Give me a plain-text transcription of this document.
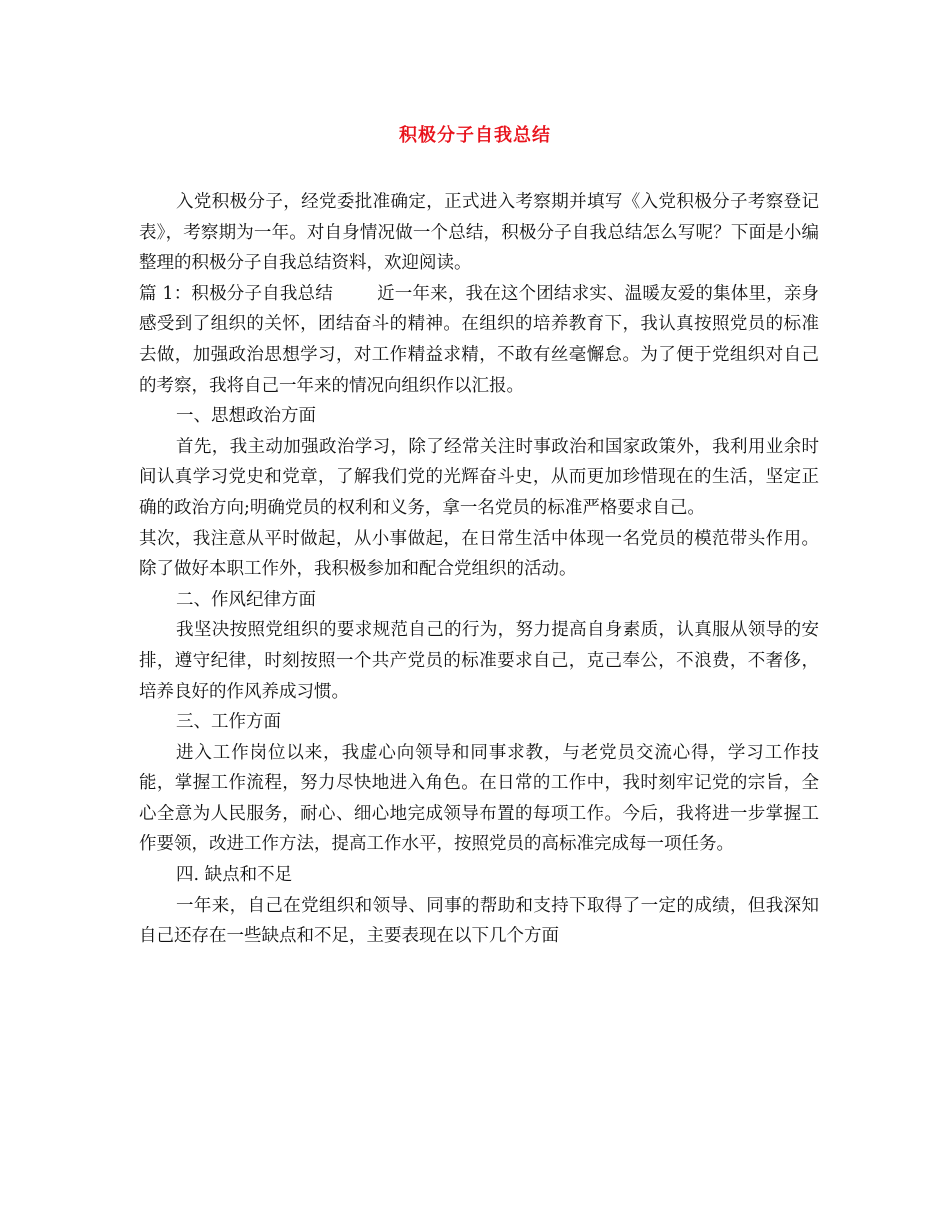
积极分子自我总结

入党积极分子，经党委批准确定，正式进入考察期并填写《入党积极分子考察登记表》，考察期为一年。对自身情况做一个总结，积极分子自我总结怎么写呢？下面是小编整理的积极分子自我总结资料，欢迎阅读。

篇 1：积极分子自我总结	近一年来，我在这个团结求实、温暖友爱的集体里，亲身感受到了组织的关怀，团结奋斗的精神。在组织的培养教育下，我认真按照党员的标准去做，加强政治思想学习，对工作精益求精，不敢有丝毫懈怠。为了便于党组织对自己的考察，我将自己一年来的情况向组织作以汇报。

一、思想政治方面

首先，我主动加强政治学习，除了经常关注时事政治和国家政策外，我利用业余时间认真学习党史和党章，了解我们党的光辉奋斗史，从而更加珍惜现在的生活，坚定正确的政治方向;明确党员的权利和义务，拿一名党员的标准严格要求自己。

其次，我注意从平时做起，从小事做起，在日常生活中体现一名党员的模范带头作用。除了做好本职工作外，我积极参加和配合党组织的活动。

二、作风纪律方面

我坚决按照党组织的要求规范自己的行为，努力提高自身素质，认真服从领导的安排，遵守纪律，时刻按照一个共产党员的标准要求自己，克己奉公，不浪费，不奢侈，培养良好的作风养成习惯。

三、工作方面

进入工作岗位以来，我虚心向领导和同事求教，与老党员交流心得，学习工作技能，掌握工作流程，努力尽快地进入角色。在日常的工作中，我时刻牢记党的宗旨，全心全意为人民服务，耐心、细心地完成领导布置的每项工作。今后，我将进一步掌握工作要领，改进工作方法，提高工作水平，按照党员的高标准完成每一项任务。

四. 缺点和不足

一年来，自己在党组织和领导、同事的帮助和支持下取得了一定的成绩，但我深知自己还存在一些缺点和不足，主要表现在以下几个方面
